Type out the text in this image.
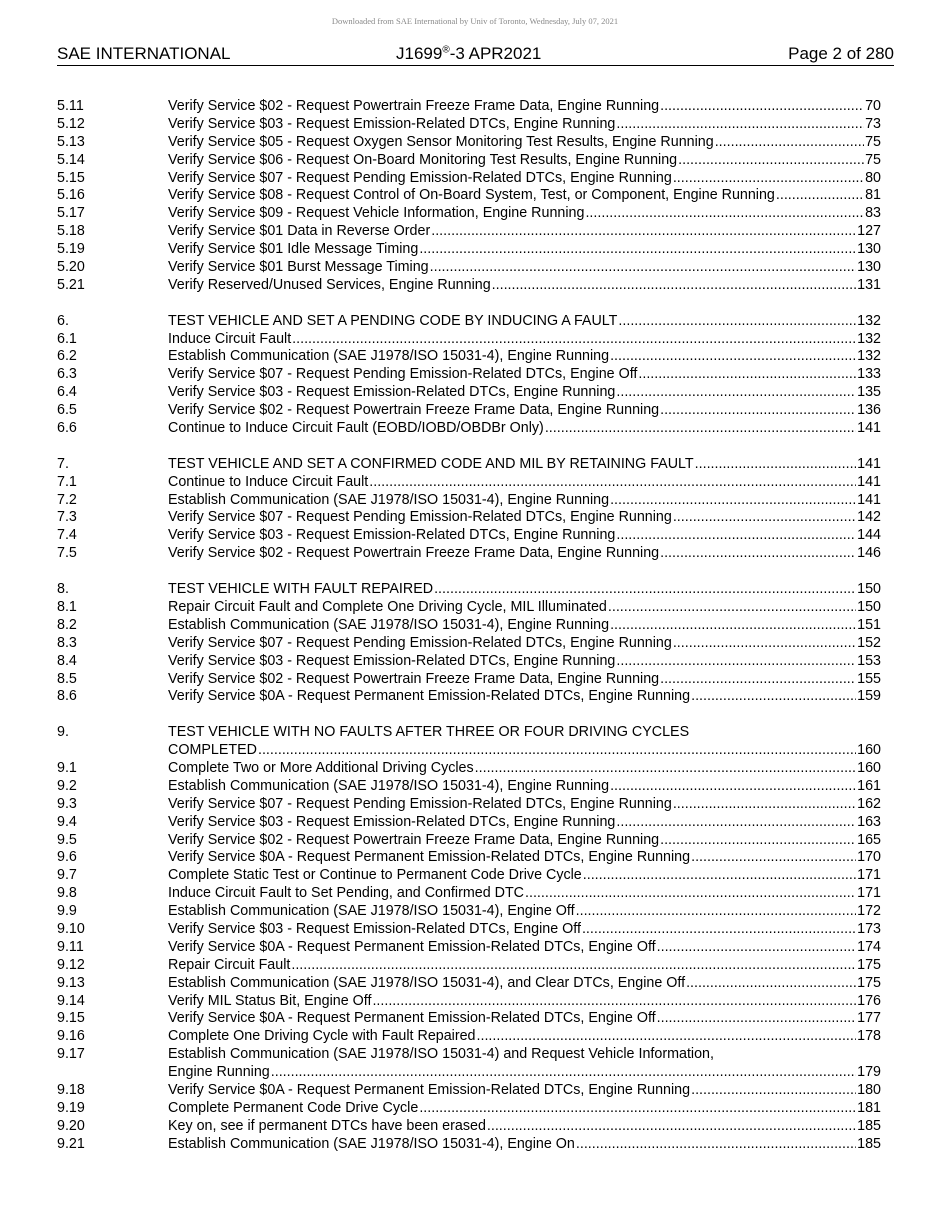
Downloaded from SAE International by Univ of Toronto, Wednesday, July 07, 2021
SAE INTERNATIONAL	J1699®-3 APR2021	Page 2 of 280
5.11	Verify Service $02 - Request Powertrain Freeze Frame Data, Engine Running .....	70
5.12	Verify Service $03 - Request Emission-Related DTCs, Engine Running .....	73
5.13	Verify Service $05 - Request Oxygen Sensor Monitoring Test Results, Engine Running .....	75
5.14	Verify Service $06 - Request On-Board Monitoring Test Results, Engine Running .....	75
5.15	Verify Service $07 - Request Pending Emission-Related DTCs, Engine Running .....	80
5.16	Verify Service $08 - Request Control of On-Board System, Test, or Component, Engine Running .....	81
5.17	Verify Service $09 - Request Vehicle Information, Engine Running .....	83
5.18	Verify Service $01 Data in Reverse Order .....	127
5.19	Verify Service $01 Idle Message Timing .....	130
5.20	Verify Service $01 Burst Message Timing .....	130
5.21	Verify Reserved/Unused Services, Engine Running .....	131
6.	TEST VEHICLE AND SET A PENDING CODE BY INDUCING A FAULT .....	132
6.1	Induce Circuit Fault .....	132
6.2	Establish Communication (SAE J1978/ISO 15031-4), Engine Running .....	132
6.3	Verify Service $07 - Request Pending Emission-Related DTCs, Engine Off .....	133
6.4	Verify Service $03 - Request Emission-Related DTCs, Engine Running .....	135
6.5	Verify Service $02 - Request Powertrain Freeze Frame Data, Engine Running .....	136
6.6	Continue to Induce Circuit Fault (EOBD/IOBD/OBDBr Only) .....	141
7.	TEST VEHICLE AND SET A CONFIRMED CODE AND MIL BY RETAINING FAULT .....	141
7.1	Continue to Induce Circuit Fault .....	141
7.2	Establish Communication (SAE J1978/ISO 15031-4), Engine Running .....	141
7.3	Verify Service $07 - Request Pending Emission-Related DTCs, Engine Running .....	142
7.4	Verify Service $03 - Request Emission-Related DTCs, Engine Running .....	144
7.5	Verify Service $02 - Request Powertrain Freeze Frame Data, Engine Running .....	146
8.	TEST VEHICLE WITH FAULT REPAIRED .....	150
8.1	Repair Circuit Fault and Complete One Driving Cycle, MIL Illuminated .....	150
8.2	Establish Communication (SAE J1978/ISO 15031-4), Engine Running .....	151
8.3	Verify Service $07 - Request Pending Emission-Related DTCs, Engine Running .....	152
8.4	Verify Service $03 - Request Emission-Related DTCs, Engine Running .....	153
8.5	Verify Service $02 - Request Powertrain Freeze Frame Data, Engine Running .....	155
8.6	Verify Service $0A - Request Permanent Emission-Related DTCs, Engine Running .....	159
9.	TEST VEHICLE WITH NO FAULTS AFTER THREE OR FOUR DRIVING CYCLES
COMPLETED .....	160
9.1	Complete Two or More Additional Driving Cycles .....	160
9.2	Establish Communication (SAE J1978/ISO 15031-4), Engine Running .....	161
9.3	Verify Service $07 - Request Pending Emission-Related DTCs, Engine Running .....	162
9.4	Verify Service $03 - Request Emission-Related DTCs, Engine Running .....	163
9.5	Verify Service $02 - Request Powertrain Freeze Frame Data, Engine Running .....	165
9.6	Verify Service $0A - Request Permanent Emission-Related DTCs, Engine Running .....	170
9.7	Complete Static Test or Continue to Permanent Code Drive Cycle .....	171
9.8	Induce Circuit Fault to Set Pending, and Confirmed DTC .....	171
9.9	Establish Communication (SAE J1978/ISO 15031-4), Engine Off .....	172
9.10	Verify Service $03 - Request Emission-Related DTCs, Engine Off .....	173
9.11	Verify Service $0A - Request Permanent Emission-Related DTCs, Engine Off .....	174
9.12	Repair Circuit Fault .....	175
9.13	Establish Communication (SAE J1978/ISO 15031-4), and Clear DTCs, Engine Off .....	175
9.14	Verify MIL Status Bit, Engine Off .....	176
9.15	Verify Service $0A - Request Permanent Emission-Related DTCs, Engine Off .....	177
9.16	Complete One Driving Cycle with Fault Repaired .....	178
9.17	Establish Communication (SAE J1978/ISO 15031-4) and Request Vehicle Information,
Engine Running .....	179
9.18	Verify Service $0A - Request Permanent Emission-Related DTCs, Engine Running .....	180
9.19	Complete Permanent Code Drive Cycle .....	181
9.20	Key on, see if permanent DTCs have been erased .....	185
9.21	Establish Communication (SAE J1978/ISO 15031-4), Engine On .....	185
